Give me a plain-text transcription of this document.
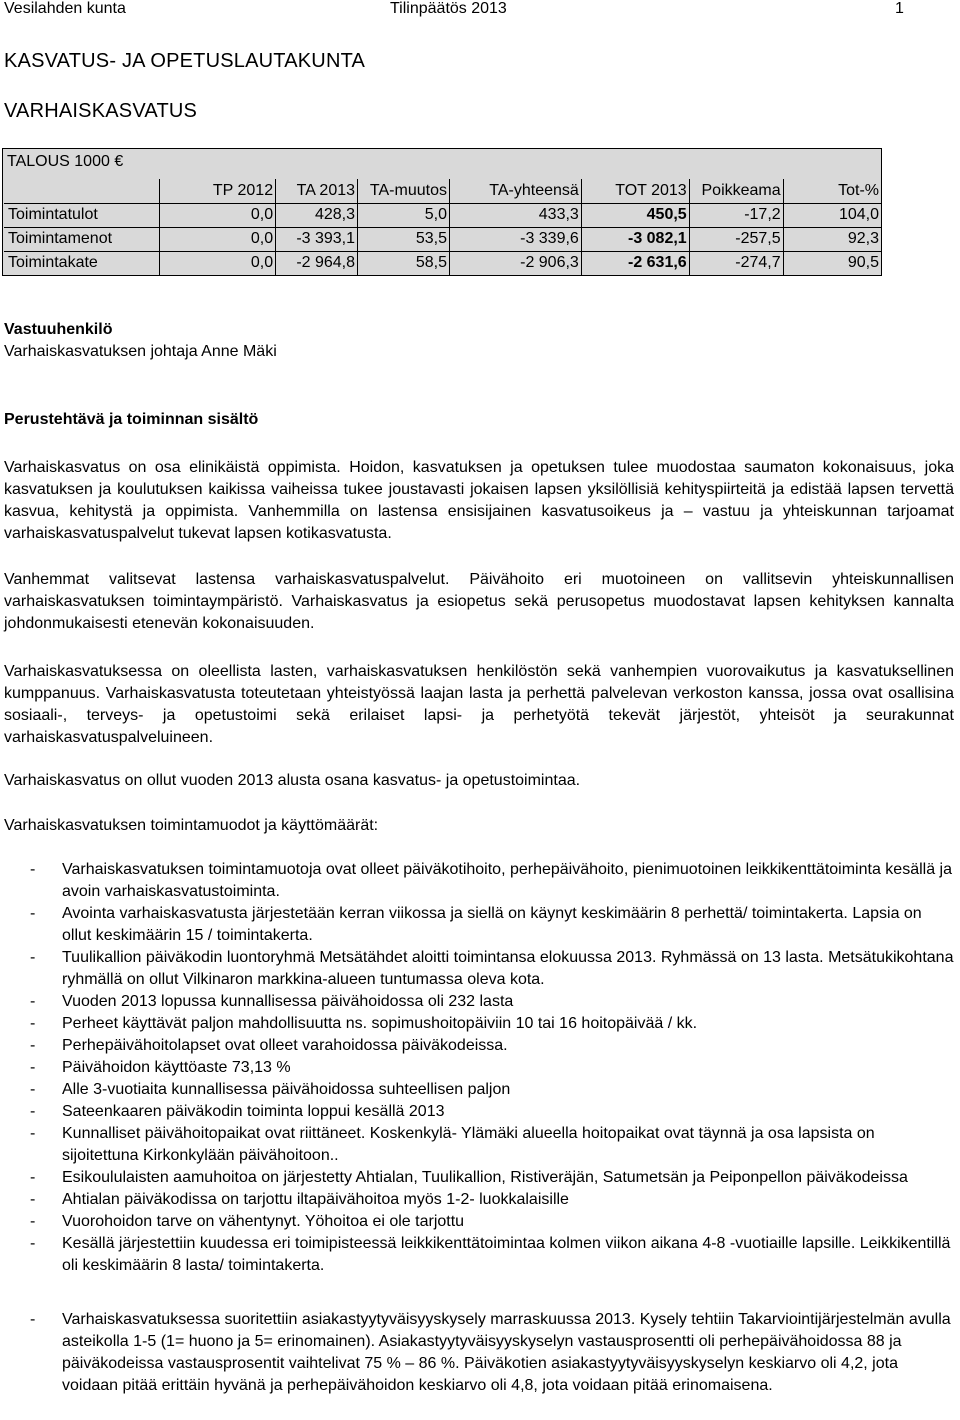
Vesilahden kunta	Tilinpäätös 2013	1
KASVATUS- JA OPETUSLAUTAKUNTA
VARHAISKASVATUS
TALOUS 1000 €
	TP 2012	TA 2013	TA-muutos	TA-yhteensä	TOT 2013	Poikkeama	Tot-%
Toimintatulot	0,0	428,3	5,0	433,3	450,5	-17,2	104,0
Toimintamenot	0,0	-3 393,1	53,5	-3 339,6	-3 082,1	-257,5	92,3
Toimintakate	0,0	-2 964,8	58,5	-2 906,3	-2 631,6	-274,7	90,5
Vastuuhenkilö
Varhaiskasvatuksen johtaja Anne Mäki
Perustehtävä ja toiminnan sisältö

Varhaiskasvatus on osa elinikäistä oppimista. Hoidon, kasvatuksen ja opetuksen tulee muodostaa saumaton kokonaisuus, joka kasvatuksen ja koulutuksen kaikissa vaiheissa tukee joustavasti jokaisen lapsen yksilöllisiä kehityspiirteitä ja edistää lapsen tervettä kasvua, kehitystä ja oppimista. Vanhemmilla on lastensa ensisijainen kasvatusoikeus ja – vastuu ja yhteiskunnan tarjoamat varhaiskasvatuspalvelut tukevat lapsen kotikasvatusta.

Vanhemmat valitsevat lastensa varhaiskasvatuspalvelut. Päivähoito eri muotoineen on vallitsevin yhteiskunnallisen varhaiskasvatuksen toimintaympäristö. Varhaiskasvatus ja esiopetus sekä perusopetus muodostavat lapsen kehityksen kannalta johdonmukaisesti etenevän kokonaisuuden.

Varhaiskasvatuksessa on oleellista lasten, varhaiskasvatuksen henkilöstön sekä vanhempien vuorovaikutus ja kasvatuksellinen kumppanuus. Varhaiskasvatusta toteutetaan yhteistyössä laajan lasta ja perhettä palvelevan verkoston kanssa, jossa ovat osallisina sosiaali-, terveys- ja opetustoimi sekä erilaiset lapsi- ja perhetyötä tekevät järjestöt, yhteisöt ja seurakunnat varhaiskasvatuspalveluineen.

Varhaiskasvatus on ollut vuoden 2013 alusta osana kasvatus- ja opetustoimintaa.

Varhaiskasvatuksen toimintamuodot ja käyttömäärät:

- Varhaiskasvatuksen toimintamuotoja ovat olleet päiväkotihoito, perhepäivähoito, pienimuotoinen leikkikenttätoiminta kesällä ja avoin varhaiskasvatustoiminta.
- Avointa varhaiskasvatusta järjestetään kerran viikossa ja siellä on käynyt keskimäärin 8 perhettä/ toimintakerta. Lapsia on ollut keskimäärin 15 / toimintakerta.
- Tuulikallion päiväkodin luontoryhmä Metsätähdet aloitti toimintansa elokuussa 2013. Ryhmässä on 13 lasta. Metsätukikohtana ryhmällä on ollut Vilkinaron markkina-alueen tuntumassa oleva kota.
- Vuoden 2013 lopussa kunnallisessa päivähoidossa oli 232 lasta
- Perheet käyttävät paljon mahdollisuutta ns. sopimushoitopäiviin 10 tai 16 hoitopäivää / kk.
- Perhepäivähoitolapset ovat olleet varahoidossa päiväkodeissa.
- Päivähoidon käyttöaste 73,13 %
- Alle 3-vuotiaita kunnallisessa päivähoidossa suhteellisen paljon
- Sateenkaaren päiväkodin toiminta loppui kesällä 2013
- Kunnalliset päivähoitopaikat ovat riittäneet. Koskenkylä- Ylämäki alueella hoitopaikat ovat täynnä ja osa lapsista on sijoitettuna Kirkonkylään päivähoitoon..
- Esikoululaisten aamuhoitoa on järjestetty Ahtialan, Tuulikallion, Ristiveräjän, Satumetsän ja Peiponpellon päiväkodeissa
- Ahtialan päiväkodissa on tarjottu iltapäivähoitoa myös 1-2- luokkalaisille
- Vuorohoidon tarve on vähentynyt. Yöhoitoa ei ole tarjottu
- Kesällä järjestettiin kuudessa eri toimipisteessä leikkikenttätoimintaa kolmen viikon aikana 4-8 -vuotiaille lapsille. Leikkikentillä oli keskimäärin 8 lasta/ toimintakerta.
- Varhaiskasvatuksessa suoritettiin asiakastyytyväisyyskysely marraskuussa 2013. Kysely tehtiin Takarviointijärjestelmän avulla asteikolla 1-5 (1= huono ja 5= erinomainen). Asiakastyytyväisyyskyselyn vastausprosentti oli perhepäivähoidossa 88 ja päiväkodeissa vastausprosentit vaihtelivat 75 % – 86 %. Päiväkotien asiakastyytyväisyyskyselyn keskiarvo oli 4,2, jota voidaan pitää erittäin hyvänä ja perhepäivähoidon keskiarvo oli 4,8, jota voidaan pitää erinomaisena.
